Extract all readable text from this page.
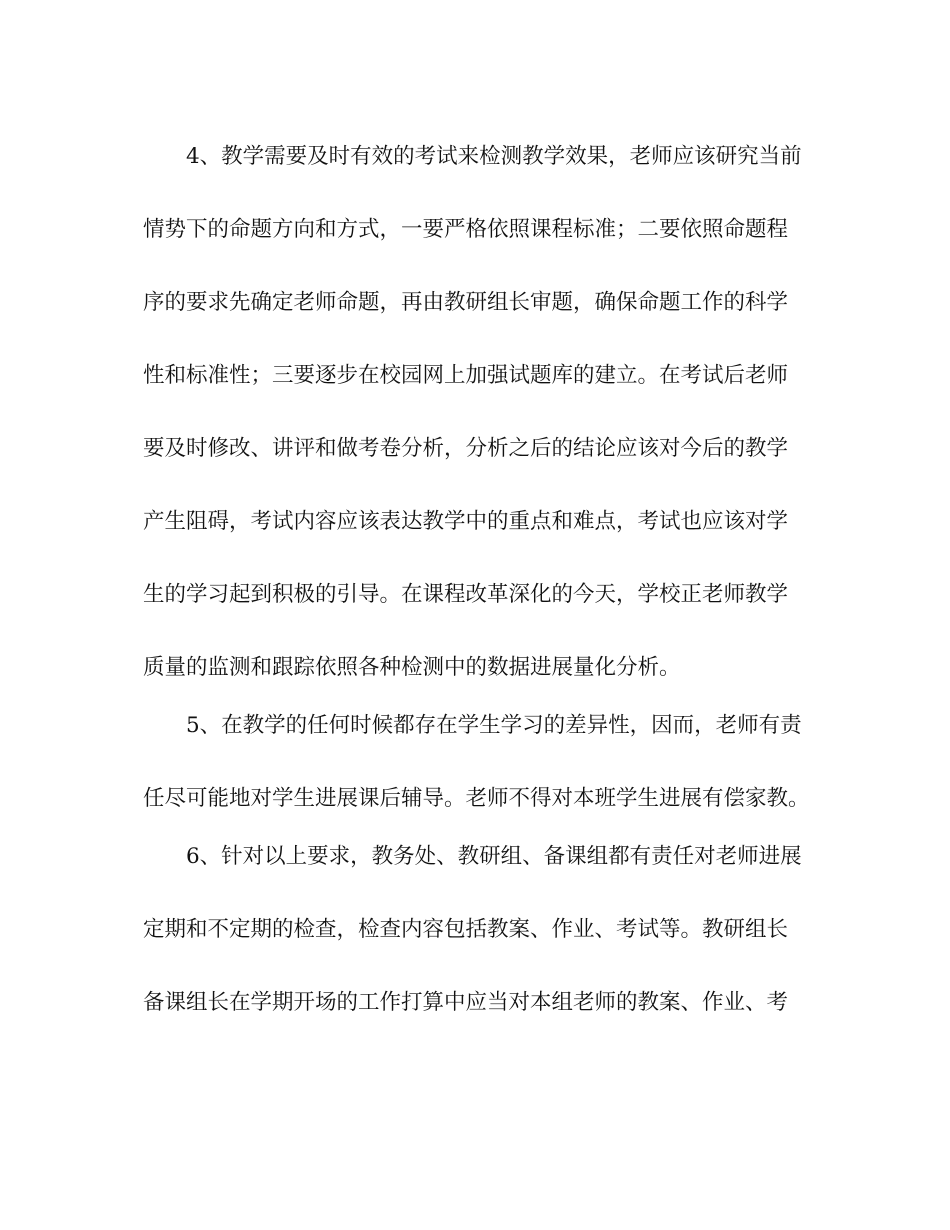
4、教学需要及时有效的考试来检测教学效果，老师应该研究当前
情势下的命题方向和方式，一要严格依照课程标准；二要依照命题程
序的要求先确定老师命题，再由教研组长审题，确保命题工作的科学
性和标准性；三要逐步在校园网上加强试题库的建立。在考试后老师
要及时修改、讲评和做考卷分析，分析之后的结论应该对今后的教学
产生阻碍，考试内容应该表达教学中的重点和难点，考试也应该对学
生的学习起到积极的引导。在课程改革深化的今天，学校正老师教学
质量的监测和跟踪依照各种检测中的数据进展量化分析。
5、在教学的任何时候都存在学生学习的差异性，因而，老师有责
任尽可能地对学生进展课后辅导。老师不得对本班学生进展有偿家教。
6、针对以上要求，教务处、教研组、备课组都有责任对老师进展
定期和不定期的检查，检查内容包括教案、作业、考试等。教研组长
备课组长在学期开场的工作打算中应当对本组老师的教案、作业、考
